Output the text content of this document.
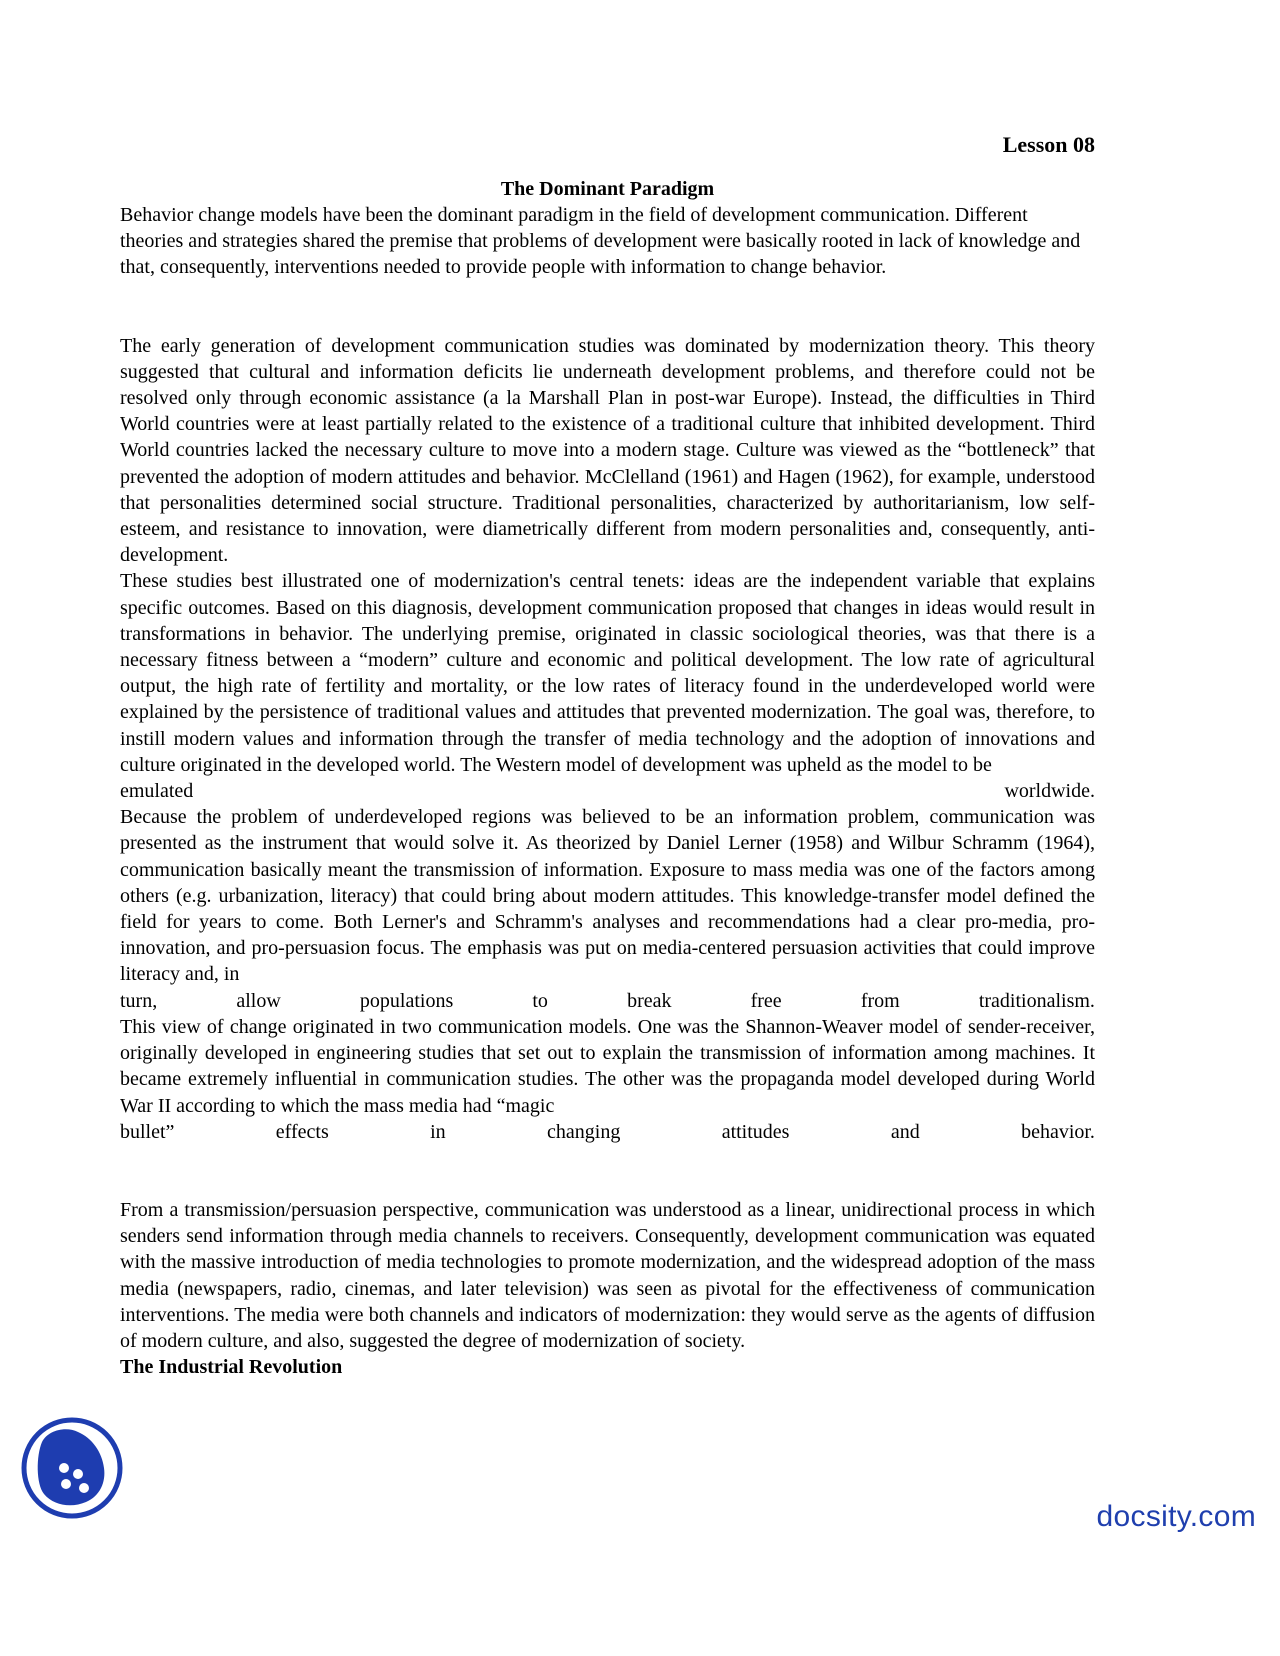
Lesson 08

The Dominant Paradigm

Behavior change models have been the dominant paradigm in the field of development communication. Different theories and strategies shared the premise that problems of development were basically rooted in lack of knowledge and that, consequently, interventions needed to provide people with information to change behavior.

The early generation of development communication studies was dominated by modernization theory. This theory suggested that cultural and information deficits lie underneath development problems, and therefore could not be resolved only through economic assistance (a la Marshall Plan in post-war Europe). Instead, the difficulties in Third World countries were at least partially related to the existence of a traditional culture that inhibited development. Third World countries lacked the necessary culture to move into a modern stage. Culture was viewed as the “bottleneck” that prevented the adoption of modern attitudes and behavior. McClelland (1961) and Hagen (1962), for example, understood that personalities determined social structure. Traditional personalities, characterized by authoritarianism, low self-esteem, and resistance to innovation, were diametrically different from modern personalities and, consequently, anti-development.

These studies best illustrated one of modernization's central tenets: ideas are the independent variable that explains specific outcomes. Based on this diagnosis, development communication proposed that changes in ideas would result in transformations in behavior. The underlying premise, originated in classic sociological theories, was that there is a necessary fitness between a “modern” culture and economic and political development. The low rate of agricultural output, the high rate of fertility and mortality, or the low rates of literacy found in the underdeveloped world were explained by the persistence of traditional values and attitudes that prevented modernization. The goal was, therefore, to instill modern values and information through the transfer of media technology and the adoption of innovations and culture originated in the developed world. The Western model of development was upheld as the model to be

emulated	worldwide.

Because the problem of underdeveloped regions was believed to be an information problem, communication was presented as the instrument that would solve it. As theorized by Daniel Lerner (1958) and Wilbur Schramm (1964), communication basically meant the transmission of information. Exposure to mass media was one of the factors among others (e.g. urbanization, literacy) that could bring about modern attitudes. This knowledge-transfer model defined the field for years to come. Both Lerner's and Schramm's analyses and recommendations had a clear pro-media, pro-innovation, and pro-persuasion focus. The emphasis was put on media-centered persuasion activities that could improve literacy and, in

turn,	allow	populations	to	break	free	from	traditionalism.

This view of change originated in two communication models. One was the Shannon-Weaver model of sender-receiver, originally developed in engineering studies that set out to explain the transmission of information among machines. It became extremely influential in communication studies. The other was the propaganda model developed during World War II according to which the mass media had “magic

bullet”	effects	in	changing	attitudes	and	behavior.

From a transmission/persuasion perspective, communication was understood as a linear, unidirectional process in which senders send information through media channels to receivers. Consequently, development communication was equated with the massive introduction of media technologies to promote modernization, and the widespread adoption of the mass media (newspapers, radio, cinemas, and later television) was seen as pivotal for the effectiveness of communication interventions. The media were both channels and indicators of modernization: they would serve as the agents of diffusion of modern culture, and also, suggested the degree of modernization of society.

The Industrial Revolution

docsity.com
